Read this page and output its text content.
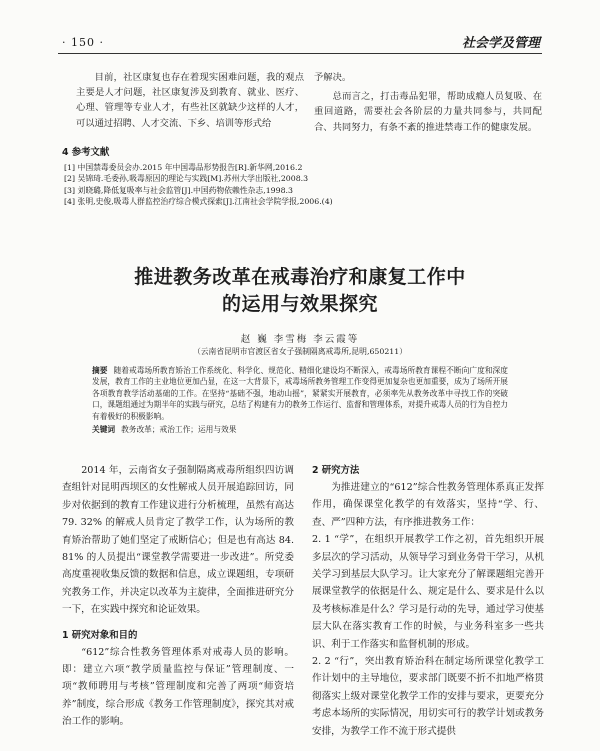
· 150 ·	社会学及管理

目前，社区康复也存在着现实困难问题，我的观点主要是人才问题，社区康复涉及到教育、就业、医疗、心理、管理等专业人才，有些社区就缺少这样的人才，可以通过招聘、人才交流、下乡、培训等形式给

予解决。

总而言之，打击毒品犯罪，帮助成瘾人员复吸、在重回道路，需要社会各阶层的力量共同参与，共同配合、共同努力，有条不紊的推进禁毒工作的健康发展。

4 参考文献
[1] 中国禁毒委员会办.2015 年中国毒品形势报告[R].新华网,2016.2
[2] 吴锦琦.毛委孙,吸毒原因的理论与实践[M].苏州大学出版社,2008.3
[3] 刘晓璐,降低复吸率与社会监管[J].中国药物依赖性杂志,1998.3
[4] 张明,史俊,吸毒人群监控治疗综合模式探索[J].江南社会学院学报,2006.(4)
推进教务改革在戒毒治疗和康复工作中
的运用与效果探究
赵 巍 李雪梅 李云霞等
（云南省昆明市官渡区省女子强制隔离戒毒所,昆明,650211）

摘要 随着戒毒场所教育矫治工作系统化、科学化、规范化、精细化建设均不断深入，戒毒场所教育课程不断向广度和深度发展，教育工作的主业地位更加凸显，在这一大背景下，戒毒场所教务管理工作变得更加复杂也更加重要，成为了场所开展各项教育教学活动基础的工作。在坚持“基础不强，地动山摇”，紧紧实开展教育，必须率先从教务改革中寻找工作的突破口，课题组通过为期半年的实践与研究，总结了构建有力的教务工作运行、监督和管理体系，对提升戒毒人员的行为自控力有着极好的积极影响。

关键词 教务改革；戒治工作；运用与效果

2014 年，云南省女子强制隔离戒毒所组织四访调查组针对昆明西坝区的女性解戒人员开展追踪回访，同步对依据到的教育工作建议进行分析梳理，虽然有高达 79. 32% 的解戒人员肯定了教学工作，认为场所的教育矫治帮助了她们坚定了戒断信心；但是也有高达 84. 81% 的人员提出“课堂教学需要进一步改进”。所党委高度重视收集反馈的数据和信息，成立课题组，专项研究教务工作，并决定以改革为主旋律，全面推进研究分一下，在实践中探究和论证效果。

1 研究对象和目的

“612”综合性教务管理体系对戒毒人员的影响。即：建立六项“教学质量监控与保证”管理制度、一项“教师聘用与考核”管理制度和完善了两项“师资培养”制度，综合形成《教务工作管理制度》，探究其对戒治工作的影响。

2 研究方法

为推进建立的“612”综合性教务管理体系真正发挥作用，确保课堂化教学的有效落实，坚持“学、行、查、严”四种方法，有序推进教务工作：

2. 1 “学”，在组织开展教学工作之初，首先组织开展多层次的学习活动，从领导学习到业务骨干学习，从机关学习到基层大队学习。让大家充分了解课题组完善开展课堂教学的依据是什么、规定是什么、要求是什么以及考核标准是什么？学习是行动的先导，通过学习使基层大队在落实教育工作的时候，与业务科室多一些共识、利于工作落实和监督机制的形成。

2. 2 “行”，突出教育矫治科在制定场所课堂化教学工作计划中的主导地位，要求部门既要不折不扣地严格贯彻落实上级对课堂化教学工作的安排与要求，更要充分考虑本场所的实际情况，用切实可行的教学计划或教务安排，为教学工作不流于形式提供
